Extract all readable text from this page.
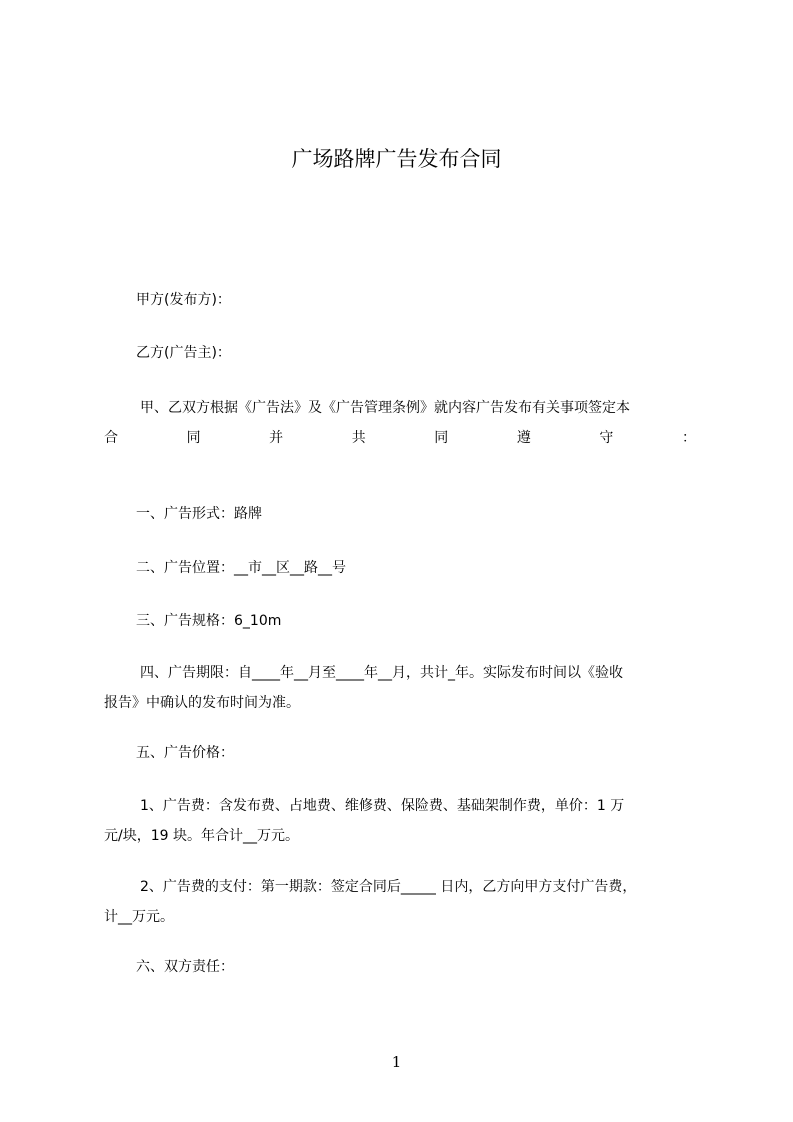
广场路牌广告发布合同
甲方(发布方)：
乙方(广告主)：
甲、乙双方根据《广告法》及《广告管理条例》就内容广告发布有关事项签定本
合	同	并	共	同	遵	守	：
一、广告形式：路牌
二、广告位置：__市__区__路__号
三、广告规格：6_10m
四、广告期限：自____年__月至____年__月，共计_年。实际发布时间以《验收
报告》中确认的发布时间为准。
五、广告价格：
1、广告费：含发布费、占地费、维修费、保险费、基础架制作费，单价：1 万
元/块，19 块。年合计__万元。
2、广告费的支付：第一期款：签定合同后_____ 日内，乙方向甲方支付广告费，
计__万元。
六、双方责任：
1
